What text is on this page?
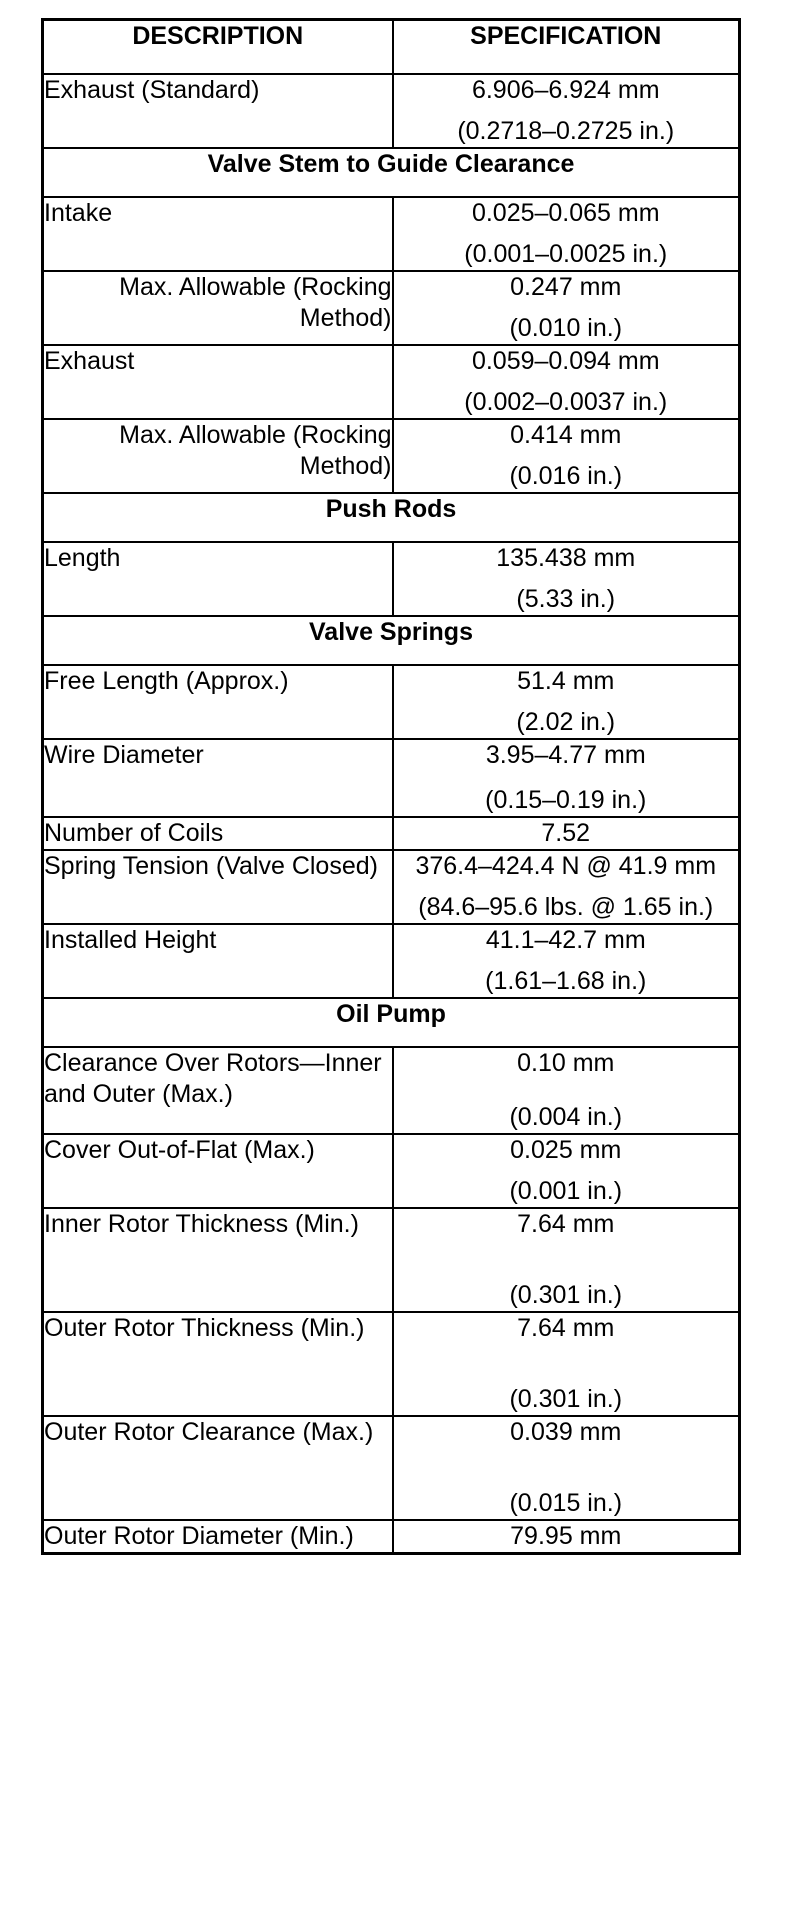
DESCRIPTION	SPECIFICATION
Exhaust (Standard)	6.906–6.924 mm
(0.2718–0.2725 in.)

Valve Stem to Guide Clearance	
Intake	0.025–0.065 mm
(0.001–0.0025 in.)

Max. Allowable (Rocking Method)	0.247 mm
(0.010 in.)

Exhaust	0.059–0.094 mm
(0.002–0.0037 in.)

Max. Allowable (Rocking Method)	0.414 mm
(0.016 in.)

Push Rods	
Length	135.438 mm
(5.33 in.)

Valve Springs	
Free Length (Approx.)	51.4 mm
(2.02 in.)

Wire Diameter	3.95–4.77 mm
(0.15–0.19 in.)

Number of Coils	7.52

Spring Tension (Valve Closed)	376.4–424.4 N @ 41.9 mm
(84.6–95.6 lbs. @ 1.65 in.)

Installed Height	41.1–42.7 mm
(1.61–1.68 in.)

Oil Pump	
Clearance Over Rotors—Inner and Outer (Max.)	0.10 mm
(0.004 in.)

Cover Out-of-Flat (Max.)	0.025 mm
(0.001 in.)

Inner Rotor Thickness (Min.)	7.64 mm
(0.301 in.)

Outer Rotor Thickness (Min.)	7.64 mm
(0.301 in.)

Outer Rotor Clearance (Max.)	0.039 mm
(0.015 in.)

Outer Rotor Diameter (Min.)	79.95 mm
